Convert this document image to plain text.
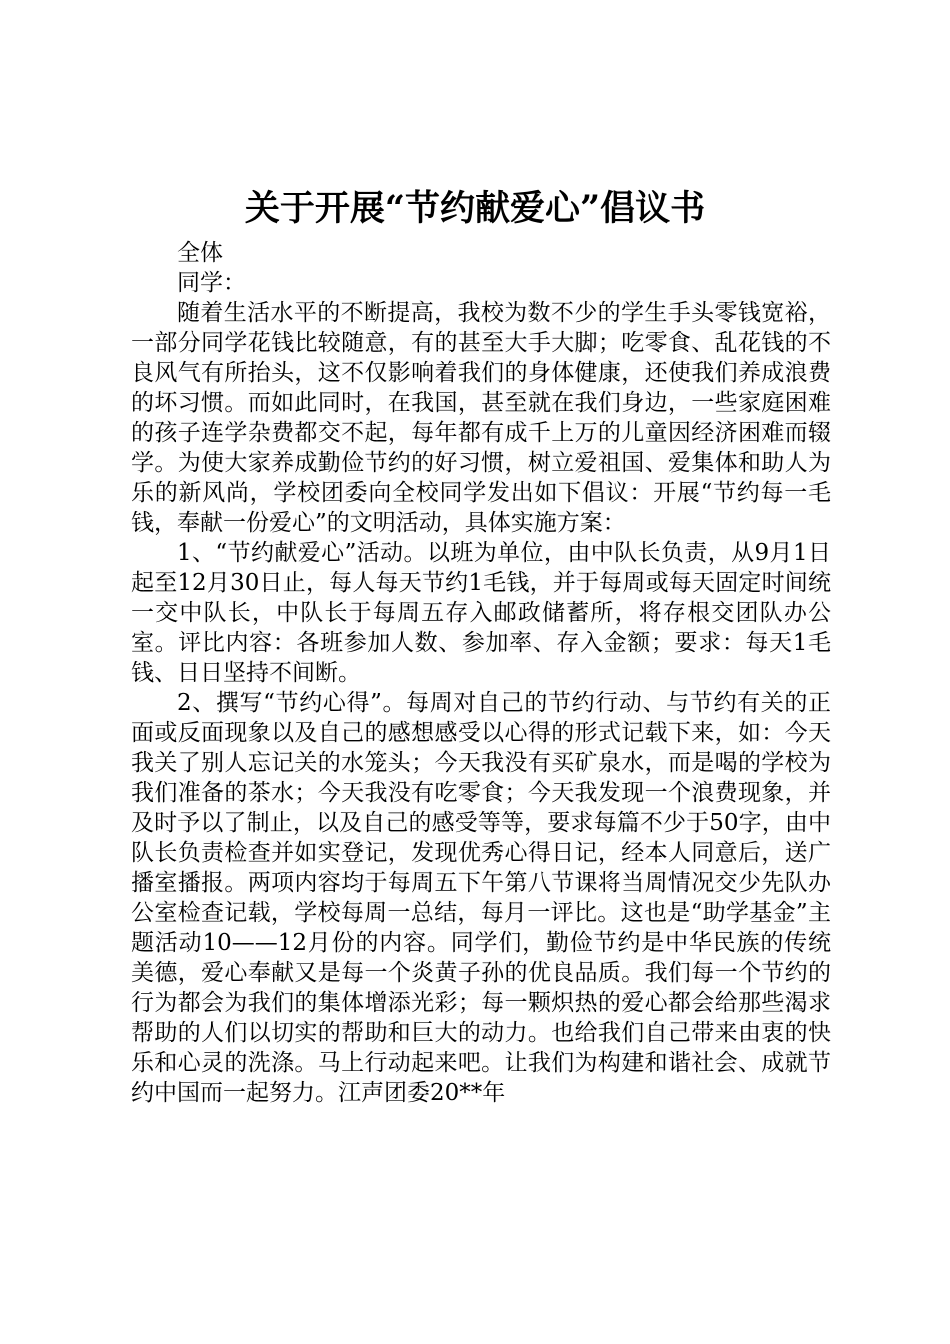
关于开展“节约献爱心”倡议书

全体

同学：

随着生活水平的不断提高，我校为数不少的学生手头零钱宽裕，一部分同学花钱比较随意，有的甚至大手大脚；吃零食、乱花钱的不良风气有所抬头，这不仅影响着我们的身体健康，还使我们养成浪费的坏习惯。而如此同时，在我国，甚至就在我们身边，一些家庭困难的孩子连学杂费都交不起，每年都有成千上万的儿童因经济困难而辍学。为使大家养成勤俭节约的好习惯，树立爱祖国、爱集体和助人为乐的新风尚，学校团委向全校同学发出如下倡议：开展“节约每一毛钱，奉献一份爱心”的文明活动，具体实施方案：

1、“节约献爱心”活动。以班为单位，由中队长负责，从9月1日起至12月30日止，每人每天节约1毛钱，并于每周或每天固定时间统一交中队长，中队长于每周五存入邮政储蓄所，将存根交团队办公室。评比内容：各班参加人数、参加率、存入金额；要求：每天1毛钱、日日坚持不间断。

2、撰写“节约心得”。每周对自己的节约行动、与节约有关的正面或反面现象以及自己的感想感受以心得的形式记载下来，如：今天我关了别人忘记关的水笼头；今天我没有买矿泉水，而是喝的学校为我们准备的茶水；今天我没有吃零食；今天我发现一个浪费现象，并及时予以了制止，以及自己的感受等等，要求每篇不少于50字，由中队长负责检查并如实登记，发现优秀心得日记，经本人同意后，送广播室播报。两项内容均于每周五下午第八节课将当周情况交少先队办公室检查记载，学校每周一总结，每月一评比。这也是“助学基金”主题活动10——12月份的内容。同学们，勤俭节约是中华民族的传统美德，爱心奉献又是每一个炎黄子孙的优良品质。我们每一个节约的行为都会为我们的集体增添光彩；每一颗炽热的爱心都会给那些渴求帮助的人们以切实的帮助和巨大的动力。也给我们自己带来由衷的快乐和心灵的洗涤。马上行动起来吧。让我们为构建和谐社会、成就节约中国而一起努力。江声团委20**年
